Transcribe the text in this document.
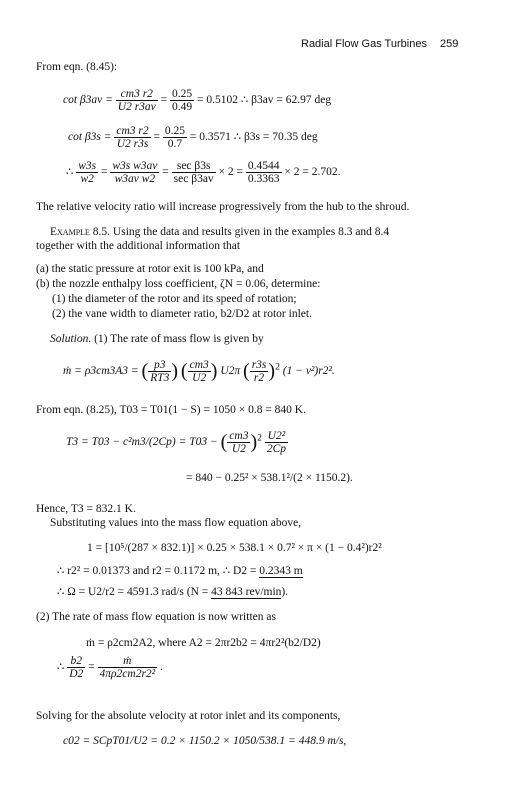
Radial Flow Gas Turbines 259
From eqn. (8.45):
$\cot \beta 3av = \frac{cm3 r2}{U2 r3av} = \frac{0.25}{0.49} = 0.5102$ ∴ β3av = 62.97 deg
$\cot \beta 3s = \frac{cm3 r2}{U2 r3s} = \frac{0.25}{0.7} = 0.3571$ ∴ β3s = 70.35 deg
∴ $\frac{w3s}{w2} = \frac{\text{w3s w3av}}{\text{w3av w2}} = \frac{\text{sec β3s}}{\text{sec β3av}} \times 2 = \frac{0.4544}{0.3363} \times 2 = 2.702$.
The relative velocity ratio will increase progressively from the hub to the shroud.
Example 8.5. Using the data and results given in the examples 8.3 and 8.4
together with the additional information that
(a) the static pressure at rotor exit is 100 kPa, and
(b) the nozzle enthalpy loss coefficient, ζN = 0.06, determine:
(1) the diameter of the rotor and its speed of rotation;
(2) the vane width to diameter ratio, b2/D2 at rotor inlet.
Solution. (1) The rate of mass flow is given by
ṁ = ρ3cm3A3 = ( $\frac{p3}{RT3}$ ) ( $\frac{cm3}{U2}$ ) U2π ( $\frac{r3s}{r2} )^2$ (1 − ν²)r2².
From eqn. (8.25), T03 = T01(1 − S) = 1050 × 0.8 = 840 K.
T3 = T03 − c²m3/(2Cp) = T03 − ( $\frac{cm3}{U2} )^2 \frac{\text{U2²}}{2Cp}$
= 840 − 0.25² × 538.1²/(2 × 1150.2).
Hence, T3 = 832.1 K.
Substituting values into the mass flow equation above,
1 = [10⁵/(287 × 832.1)] × 0.25 × 538.1 × 0.7² × π × (1 − 0.4²)r2²
∴ r2² = 0.01373 and r2 = 0.1172 m, ∴ D2 = 0.2343 m
∴ Ω = U2/r2 = 4591.3 rad/s (N = 43 843 rev/min).
(2) The rate of mass flow equation is now written as
ṁ = ρ2cm2A2, where A2 = 2πr2b2 = 4πr2²(b2/D2)
∴ $\frac{b2}{D2} = \frac{\text{ṁ}}{\text{4πρ2cm2r2²}}$ .
Solving for the absolute velocity at rotor inlet and its components,
c02 = SCpT01/U2 = 0.2 × 1150.2 × 1050/538.1 = 448.9 m/s,
